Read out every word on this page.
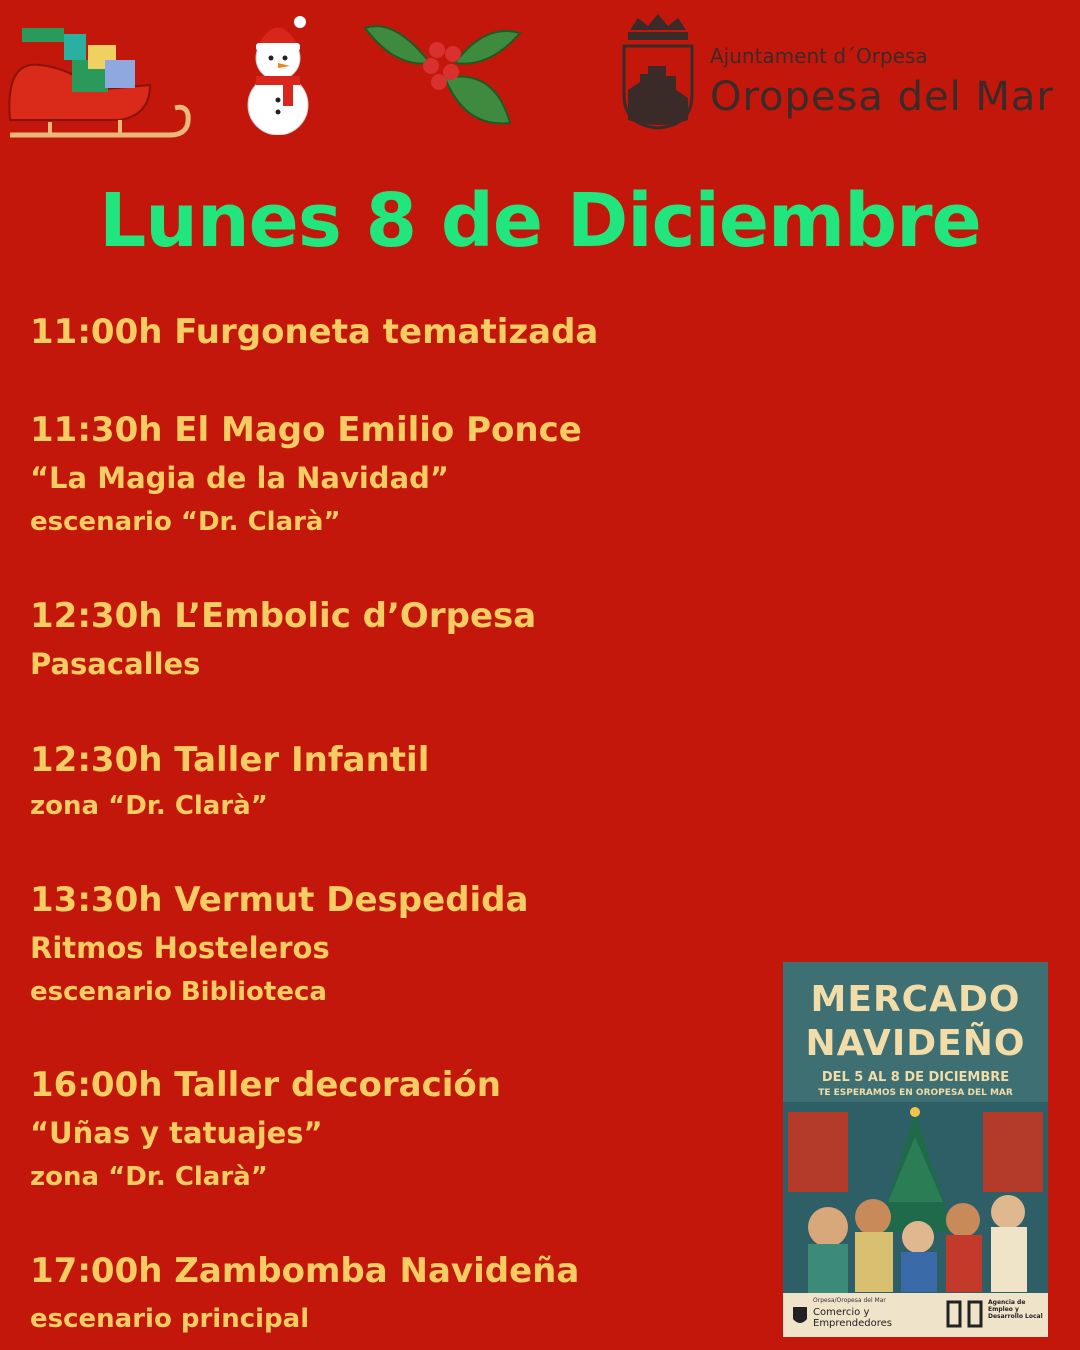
Ajuntament d´Orpesa
Oropesa del Mar
Lunes 8 de Diciembre
11:00h Furgoneta tematizada
11:30h El Mago Emilio Ponce
“La Magia de la Navidad”
escenario “Dr. Clarà”
12:30h L’Embolic d’Orpesa
Pasacalles
12:30h Taller Infantil
zona “Dr. Clarà”
13:30h Vermut Despedida
Ritmos Hosteleros
escenario Biblioteca
16:00h Taller decoración
“Uñas y tatuajes”
zona “Dr. Clarà”
17:00h Zambomba Navideña
escenario principal
MERCADO
NAVIDEÑO
DEL 5 AL 8 DE DICIEMBRE
TE ESPERAMOS EN OROPESA DEL MAR
Orpesa/Oropesa del Mar
Comercio y Emprendedores
Agencia de Empleo y Desarrollo Local
